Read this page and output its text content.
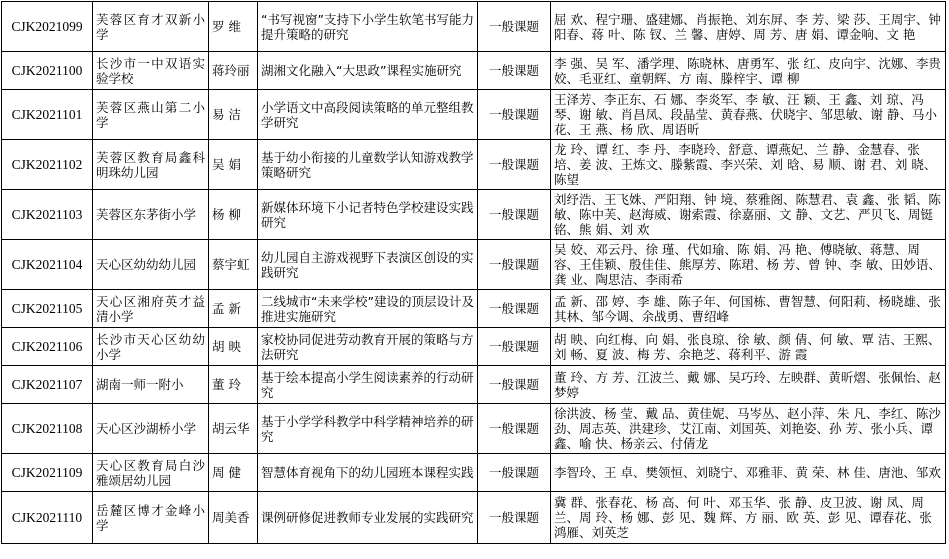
CJK2021099	芙蓉区育才双新小学	罗 维	“书写视窗”支持下小学生软笔书写能力提升策略的研究	一般课题	屈 欢、程宁珊、盛建娜、肖振艳、刘东屏、李 芳、梁 莎、王周宇、钟阳春、蒋 叶、陈 钗、兰 馨、唐婷、周 芳、唐 娟、谭金响、文 艳
CJK2021100	长沙市一中双语实验学校	蒋玲丽	湖湘文化融入“大思政”课程实施研究	一般课题	李 强、吴 军、潘学理、陈晓林、唐勇军、张 红、皮向宇、沈娜、李贵姣、毛亚红、童朝辉、方 南、滕梓宇、谭 柳
CJK2021101	芙蓉区燕山第二小学	易 洁	小学语文中高段阅读策略的单元整组教学研究	一般课题	王泽芳、李正东、石 娜、李炎军、李 敏、汪 颖、王 鑫、刘 琼、冯琴、谢 敏、肖昌凤、段晶莹、黄春燕、伏晓宇、邹思敏、谢 静、马小花、王 燕、杨 欣、周语昕
CJK2021102	芙蓉区教育局鑫科明珠幼儿园	吴 娟	基于幼小衔接的儿童数学认知游戏教学策略研究	一般课题	龙 玲、谭 红、李 丹、李晓玲、舒意、谭燕妃、兰 静、金慧春、张 培、姜 波、王炼文、滕紫霞、李兴荣、刘 晗、易 顺、谢 君、刘 晓、陈望
CJK2021103	芙蓉区东茅街小学	杨 柳	新媒体环境下小记者特色学校建设实践研究	一般课题	刘纾浩、王飞姝、严阳翔、钟 境、蔡雅阁、陈慧君、袁 鑫、张 韬、陈 敏、陈中芙、赵海威、谢索霞、徐嘉丽、文 静、文艺、严贝飞、周铤铭、熊 娟、刘 欢
CJK2021104	天心区幼幼幼儿园	蔡宇虹	幼儿园自主游戏视野下表演区创设的实践研究	一般课题	吴 姣、邓云丹、徐 瑾、代如瑜、陈 娟、冯 艳、傅晓敏、蒋慧、周容、王佳颖、殷佳佳、熊厚芳、陈珺、杨 芳、曾 钟、李 敏、田妙语、龚 业、陶思洁、李雨希
CJK2021105	天心区湘府英才益清小学	孟 新	二线城市“未来学校”建设的顶层设计及推进实施研究	一般课题	孟 新、邵 婷、李 雄、陈子年、何国栋、曹智慧、何阳莉、杨晓雄、张其林、邹今调、余战勇、曹绍峰
CJK2021106	长沙市天心区幼幼小学	胡 映	家校协同促进劳动教育开展的策略与方法研究	一般课题	胡 映、向红梅、向 娟、张良琼、徐 敏、颜 倩、何 敏、覃 洁、王熙、刘 畅、夏 波、梅 芳、余艳芝、蒋利平、游 霞
CJK2021107	湖南一师一附小	董 玲	基于绘本提高小学生阅读素养的行动研究	一般课题	董 玲、方 芳、江波兰、戴 娜、吴巧玲、左映群、黄昕熠、张佩怡、赵梦婷
CJK2021108	天心区沙湖桥小学	胡云华	基于小学学科教学中科学精神培养的研究	一般课题	徐洪波、杨 莹、戴 品、黄佳妮、马岑丛、赵小萍、朱 凡、李红、陈沙劲、周志英、洪建珍、艾江南、刘国英、刘艳姿、孙 芳、张小兵、谭 鑫、喻 快、杨亲云、付倩龙
CJK2021109	天心区教育局白沙雅颂居幼儿园	周 健	智慧体育视角下的幼儿园班本课程实践	一般课题	李智玲、王 卓、樊领恒、刘晓宁、邓雅菲、黄 荣、林 佳、唐池、邹欢
CJK2021110	岳麓区博才金峰小学	周美香	课例研修促进教师专业发展的实践研究	一般课题	冀 群、张春花、杨 高、何 叶、邓玉华、张 静、皮卫波、谢 凤、周 兰、周 玲、杨 娜、彭 见、魏 辉、方 丽、欧 英、彭 见、谭春花、张鸿雁、刘英芝
